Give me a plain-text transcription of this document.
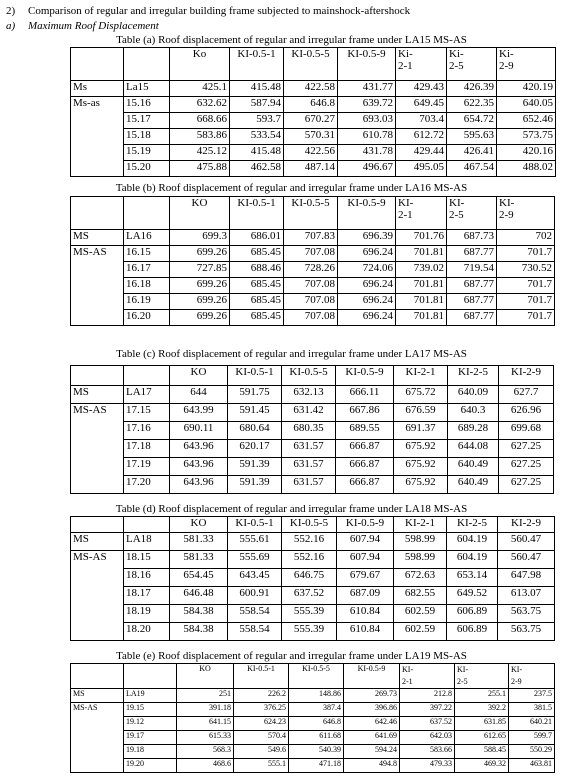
2) Comparison of regular and irregular building frame subjected to mainshock-aftershock
a) Maximum Roof Displacement
Table (a) Roof displacement of regular and irregular frame under LA15 MS-AS
		Ko	KI-0.5-1	KI-0.5-5	KI-0.5-9	Ki-
2-1	Ki-
2-5	Ki-
2-9
Ms	La15	425.1	415.48	422.58	431.77	429.43	426.39	420.19
Ms-as	15.16	632.62	587.94	646.8	639.72	649.45	622.35	640.05
	15.17	668.66	593.7	670.27	693.03	703.4	654.72	652.46
	15.18	583.86	533.54	570.31	610.78	612.72	595.63	573.75
	15.19	425.12	415.48	422.56	431.78	429.44	426.41	420.16
	15.20	475.88	462.58	487.14	496.67	495.05	467.54	488.02
Table (b) Roof displacement of regular and irregular frame under LA16 MS-AS
		KO	KI-0.5-1	KI-0.5-5	KI-0.5-9	KI-
2-1	KI-
2-5	KI-
2-9
MS	LA16	699.3	686.01	707.83	696.39	701.76	687.73	702
MS-AS	16.15	699.26	685.45	707.08	696.24	701.81	687.77	701.7
	16.17	727.85	688.46	728.26	724.06	739.02	719.54	730.52
	16.18	699.26	685.45	707.08	696.24	701.81	687.77	701.7
	16.19	699.26	685.45	707.08	696.24	701.81	687.77	701.7
	16.20	699.26	685.45	707.08	696.24	701.81	687.77	701.7
Table (c) Roof displacement of regular and irregular frame under LA17 MS-AS
		KO	KI-0.5-1	KI-0.5-5	KI-0.5-9	KI-2-1	KI-2-5	KI-2-9
MS	LA17	644	591.75	632.13	666.11	675.72	640.09	627.7
MS-AS	17.15	643.99	591.45	631.42	667.86	676.59	640.3	626.96
	17.16	690.11	680.64	680.35	689.55	691.37	689.28	699.68
	17.18	643.96	620.17	631.57	666.87	675.92	644.08	627.25
	17.19	643.96	591.39	631.57	666.87	675.92	640.49	627.25
	17.20	643.96	591.39	631.57	666.87	675.92	640.49	627.25
Table (d) Roof displacement of regular and irregular frame under LA18 MS-AS
		KO	KI-0.5-1	KI-0.5-5	KI-0.5-9	KI-2-1	KI-2-5	KI-2-9
MS	LA18	581.33	555.61	552.16	607.94	598.99	604.19	560.47
MS-AS	18.15	581.33	555.69	552.16	607.94	598.99	604.19	560.47
	18.16	654.45	643.45	646.75	679.67	672.63	653.14	647.98
	18.17	646.48	600.91	637.52	687.09	682.55	649.52	613.07
	18.19	584.38	558.54	555.39	610.84	602.59	606.89	563.75
	18.20	584.38	558.54	555.39	610.84	602.59	606.89	563.75
Table (e) Roof displacement of regular and irregular frame under LA19 MS-AS
		KO	KI-0.5-1	KI-0.5-5	KI-0.5-9	KI-
2-1	KI-
2-5	KI-
2-9
MS	LA19	251	226.2	148.86	269.73	212.8	255.1	237.5
MS-AS	19.15	391.18	376.25	387.4	396.86	397.22	392.2	381.5
	19.12	641.15	624.23	646.8	642.46	637.52	631.85	640.21
	19.17	615.33	570.4	611.68	641.69	642.03	612.65	599.7
	19.18	568.3	549.6	540.39	594.24	583.66	588.45	550.29
	19.20	468.6	555.1	471.18	494.8	479.33	469.32	463.81
